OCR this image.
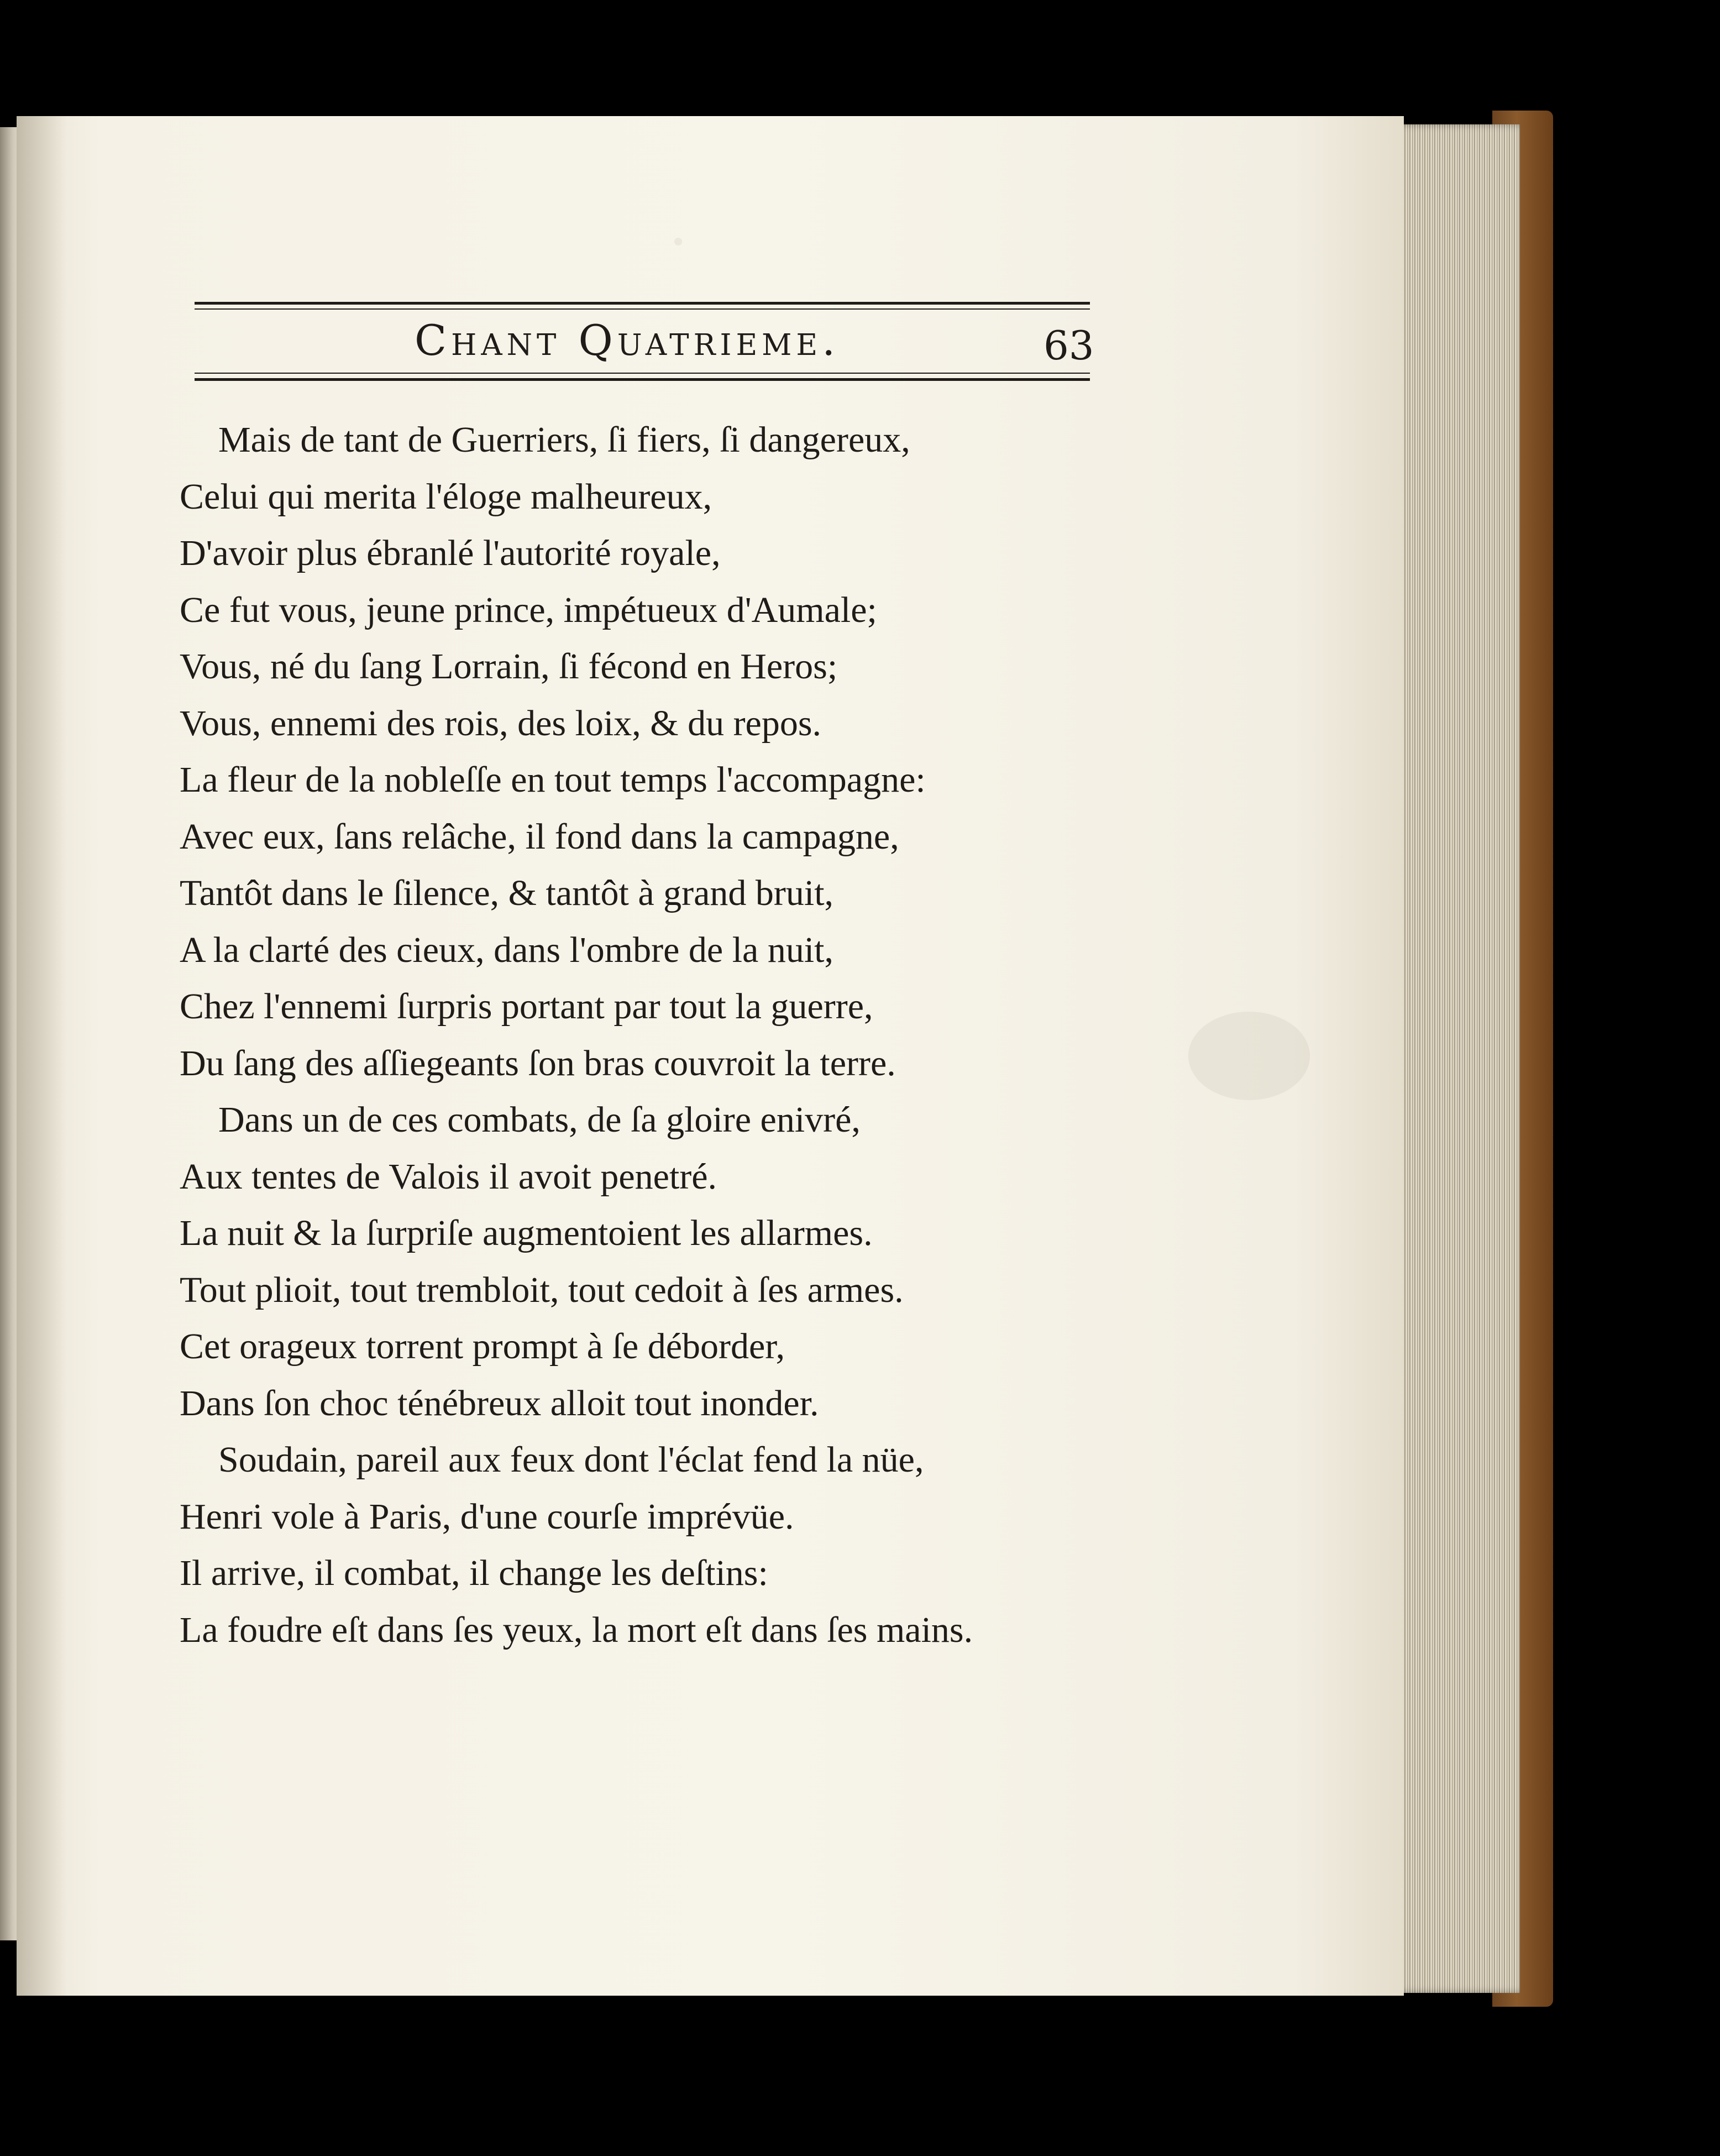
Chant Quatrieme.	63
Mais de tant de Guerriers, ſi fiers, ſi dangereux,
Celui qui merita l'éloge malheureux,
D'avoir plus ébranlé l'autorité royale,
Ce fut vous, jeune prince, impétueux d'Aumale;
Vous, né du ſang Lorrain, ſi fécond en Heros;
Vous, ennemi des rois, des loix, & du repos.
La fleur de la nobleſſe en tout temps l'accompagne:
Avec eux, ſans relâche, il fond dans la campagne,
Tantôt dans le ſilence, & tantôt à grand bruit,
A la clarté des cieux, dans l'ombre de la nuit,
Chez l'ennemi ſurpris portant par tout la guerre,
Du ſang des aſſiegeants ſon bras couvroit la terre.
Dans un de ces combats, de ſa gloire enivré,
Aux tentes de Valois il avoit penetré.
La nuit & la ſurpriſe augmentoient les allarmes.
Tout plioit, tout trembloit, tout cedoit à ſes armes.
Cet orageux torrent prompt à ſe déborder,
Dans ſon choc ténébreux alloit tout inonder.
Soudain, pareil aux feux dont l'éclat fend la nüe,
Henri vole à Paris, d'une courſe imprévüe.
Il arrive, il combat, il change les deſtins:
La foudre eſt dans ſes yeux, la mort eſt dans ſes mains.
